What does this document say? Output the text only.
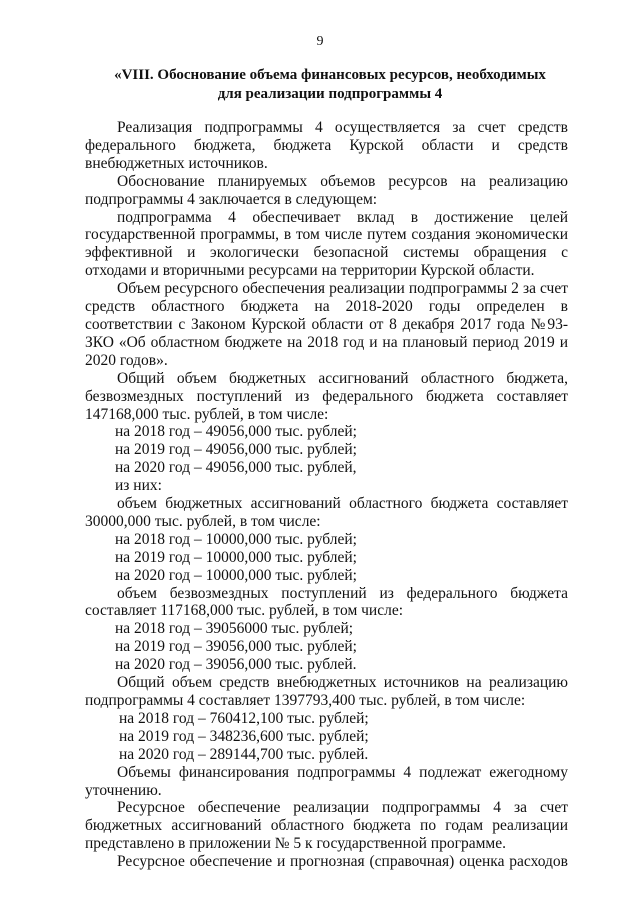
9
«VIII. Обоснование объема финансовых ресурсов, необходимых
для реализации подпрограммы 4

Реализация подпрограммы 4 осуществляется за счет средств федерального бюджета, бюджета Курской области и средств внебюджетных источников.

Обоснование планируемых объемов ресурсов на реализацию подпрограммы 4 заключается в следующем:

подпрограмма 4 обеспечивает вклад в достижение целей государственной программы, в том числе путем создания экономически эффективной и экологически безопасной системы обращения с отходами и вторичными ресурсами на территории Курской области.

Объем ресурсного обеспечения реализации подпрограммы 2 за счет средств областного бюджета на 2018-2020 годы определен в соответствии с Законом Курской области от 8 декабря 2017 года №93-ЗКО «Об областном бюджете на 2018 год и на плановый период 2019 и 2020 годов».

Общий объем бюджетных ассигнований областного бюджета, безвозмездных поступлений из федерального бюджета составляет 147168,000 тыс. рублей, в том числе:

на 2018 год – 49056,000 тыс. рублей;

на 2019 год – 49056,000 тыс. рублей;

на 2020 год – 49056,000 тыс. рублей,

из них:

объем бюджетных ассигнований областного бюджета составляет 30000,000 тыс. рублей, в том числе:

на 2018 год – 10000,000 тыс. рублей;

на 2019 год – 10000,000 тыс. рублей;

на 2020 год – 10000,000 тыс. рублей;

объем безвозмездных поступлений из федерального бюджета составляет 117168,000 тыс. рублей, в том числе:

на 2018 год – 39056000 тыс. рублей;

на 2019 год – 39056,000 тыс. рублей;

на 2020 год – 39056,000 тыс. рублей.

Общий объем средств внебюджетных источников на реализацию подпрограммы 4 составляет 1397793,400 тыс. рублей, в том числе:

на 2018 год – 760412,100 тыс. рублей;

на 2019 год – 348236,600 тыс. рублей;

на 2020 год – 289144,700 тыс. рублей.

Объемы финансирования подпрограммы 4 подлежат ежегодному уточнению.

Ресурсное обеспечение реализации подпрограммы 4 за счет бюджетных ассигнований областного бюджета по годам реализации представлено в приложении № 5 к государственной программе.

Ресурсное обеспечение и прогнозная (справочная) оценка расходов
